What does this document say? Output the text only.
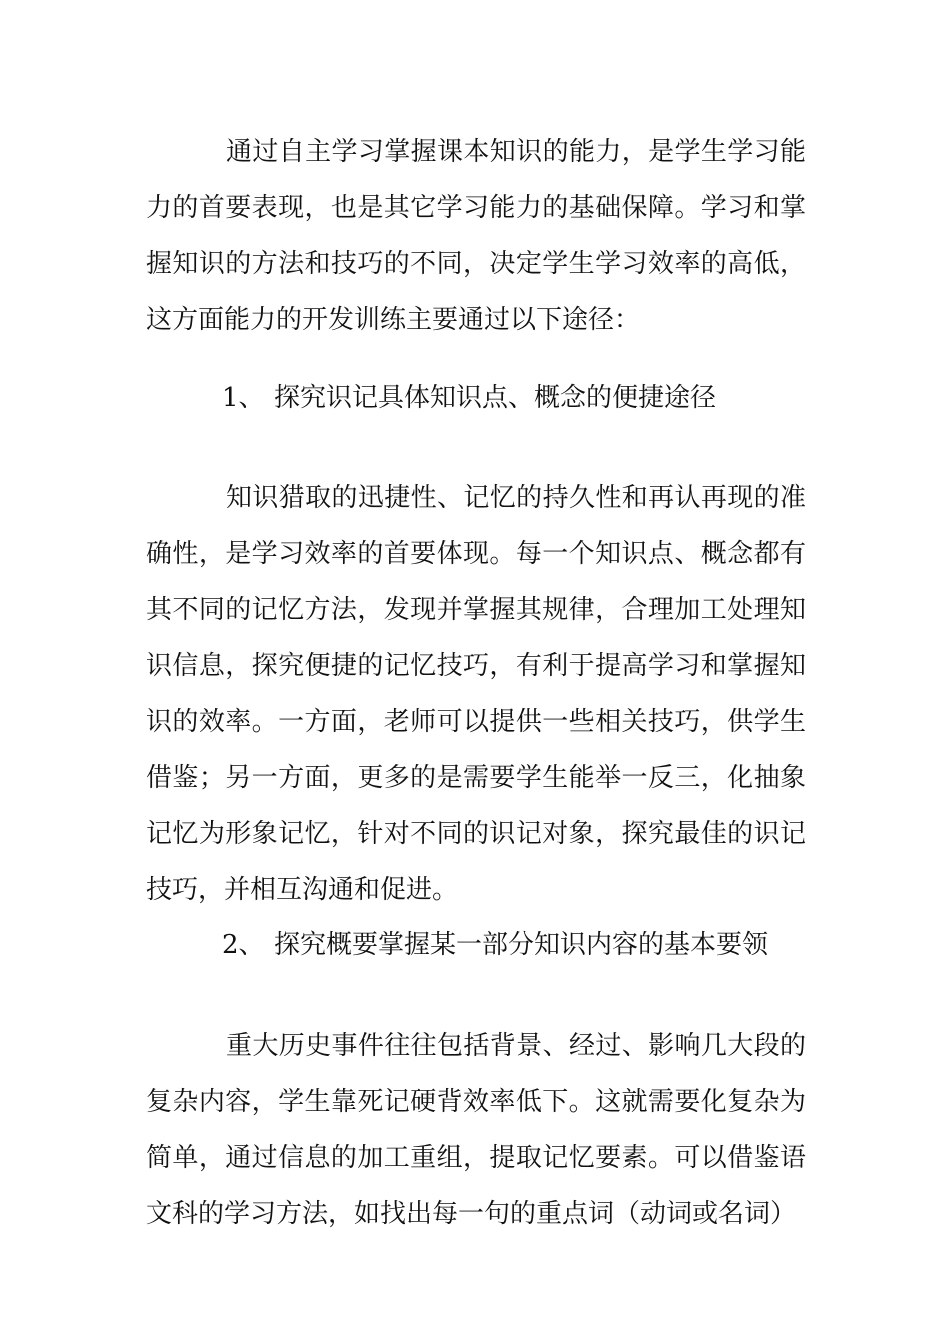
通过自主学习掌握课本知识的能力，是学生学习能力的首要表现，也是其它学习能力的基础保障。学习和掌握知识的方法和技巧的不同，决定学生学习效率的高低，这方面能力的开发训练主要通过以下途径：

1、 探究识记具体知识点、概念的便捷途径

知识猎取的迅捷性、记忆的持久性和再认再现的准确性，是学习效率的首要体现。每一个知识点、概念都有其不同的记忆方法，发现并掌握其规律，合理加工处理知识信息，探究便捷的记忆技巧，有利于提高学习和掌握知识的效率。一方面，老师可以提供一些相关技巧，供学生借鉴；另一方面，更多的是需要学生能举一反三，化抽象记忆为形象记忆，针对不同的识记对象，探究最佳的识记技巧，并相互沟通和促进。

2、 探究概要掌握某一部分知识内容的基本要领

重大历史事件往往包括背景、经过、影响几大段的复杂内容，学生靠死记硬背效率低下。这就需要化复杂为简单，通过信息的加工重组，提取记忆要素。可以借鉴语文科的学习方法，如找出每一句的重点词（动词或名词）
